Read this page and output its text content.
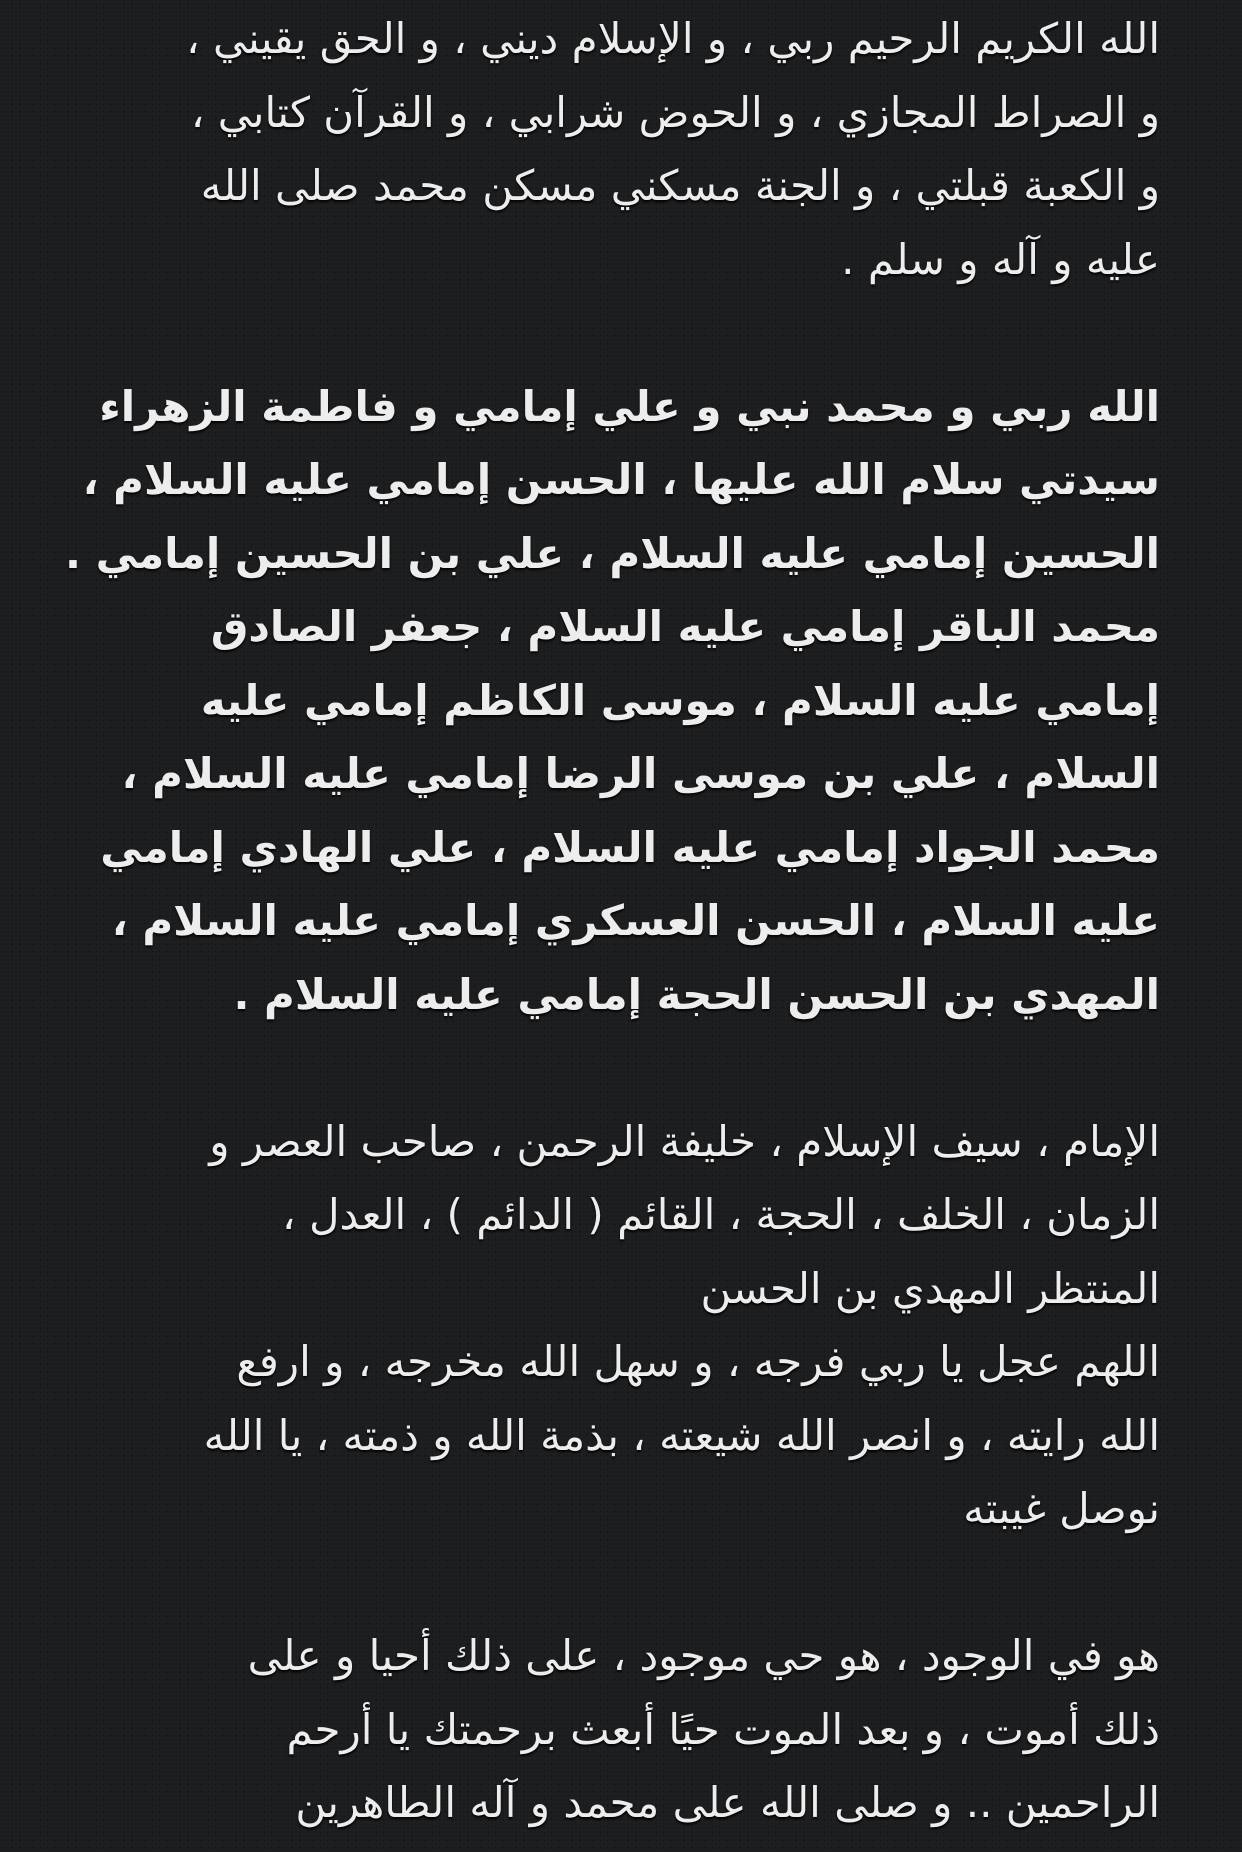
الله الكريم الرحيم ربي ، و الإسلام ديني ، و الحق يقيني ،
و الصراط المجازي ، و الحوض شرابي ، و القرآن كتابي ،
و الكعبة قبلتي ، و الجنة مسكني مسكن محمد صلى الله
عليه و آله و سلم .
الله ربي و محمد نبي و علي إمامي و فاطمة الزهراء
سيدتي سلام الله عليها ، الحسن إمامي عليه السلام ،
الحسين إمامي عليه السلام ، علي بن الحسين إمامي .
محمد الباقر إمامي عليه السلام ، جعفر الصادق
إمامي عليه السلام ، موسى الكاظم إمامي عليه
السلام ، علي بن موسى الرضا إمامي عليه السلام ،
محمد الجواد إمامي عليه السلام ، علي الهادي إمامي
عليه السلام ، الحسن العسكري إمامي عليه السلام ،
المهدي بن الحسن الحجة إمامي عليه السلام .
الإمام ، سيف الإسلام ، خليفة الرحمن ، صاحب العصر و
الزمان ، الخلف ، الحجة ، القائم ( الدائم ) ، العدل ،
المنتظر المهدي بن الحسن
اللهم عجل يا ربي فرجه ، و سهل الله مخرجه ، و ارفع
الله رايته ، و انصر الله شيعته ، بذمة الله و ذمته ، يا الله
نوصل غيبته
هو في الوجود ، هو حي موجود ، على ذلك أحيا و على
ذلك أموت ، و بعد الموت حيًا أبعث برحمتك يا أرحم
الراحمين .. و صلى الله على محمد و آله الطاهرين
